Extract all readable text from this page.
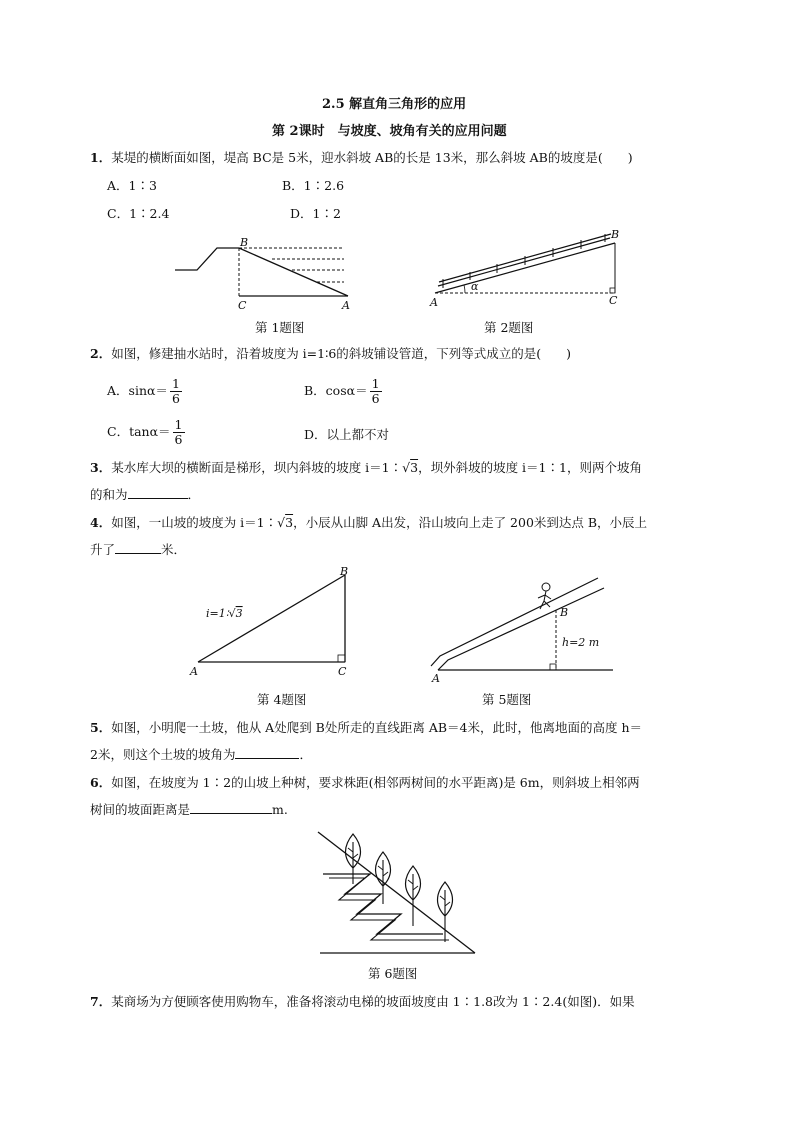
2.5 解直角三角形的应用
第 2课时　与坡度、坡角有关的应用问题
1．某堤的横断面如图，堤高 BC是 5米，迎水斜坡 AB的长是 13米，那么斜坡 AB的坡度是(　　)
A．1∶3	B．1∶2.6
C．1∶2.4	D．1∶2
B
C	A
第 1题图
A
α
C
B
第 2题图
2．如图，修建抽水站时，沿着坡度为 i=1∶6的斜坡铺设管道，下列等式成立的是(　　)
A．$\sin\alpha= \frac{1}{6}$	B．$\cos\alpha= \frac{1}{6}$
C．$\tan\alpha= \frac{1}{6}$	D．以上都不对
3．某水库大坝的横断面是梯形，坝内斜坡的坡度 i＝1∶√3，坝外斜坡的坡度 i＝1∶1，则两个坡角
的和为	．
4．如图，一山坡的坡度为 i＝1∶√3，小辰从山脚 A出发，沿山坡向上走了 200米到达点 B，小辰上
升了	米．
B
A	C
i=1∶√3
第 4题图
B
A
h=2 m
第 5题图
5．如图，小明爬一土坡，他从 A处爬到 B处所走的直线距离 AB＝4米，此时，他离地面的高度 h＝
2米，则这个土坡的坡角为	．
6．如图，在坡度为 1∶2的山坡上种树，要求株距(相邻两树间的水平距离)是 6m，则斜坡上相邻两
树间的坡面距离是	m.
第 6题图
7．某商场为方便顾客使用购物车，准备将滚动电梯的坡面坡度由 1∶1.8改为 1∶2.4(如图)．如果
